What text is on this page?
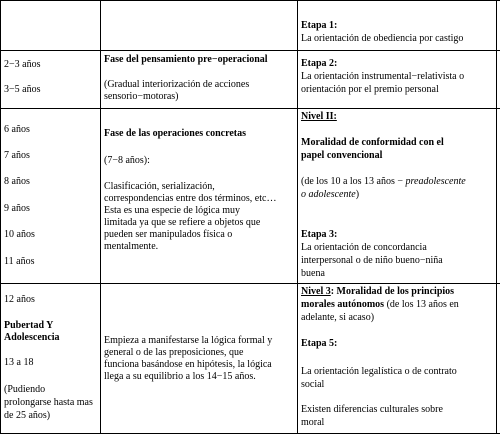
Etapa 1:
La orientación de obediencia por castigo
2−3 años
3−5 años
Fase del pensamiento pre−operacional
(Gradual interiorización de acciones
sensorio−motoras)
Etapa 2:
La orientación instrumental−relativista o
orientación por el premio personal
6 años
7 años
8 años
9 años
10 años
11 años
Fase de las operaciones concretas
(7−8 años):
Clasificación, serialización,
correspondencias entre dos términos, etc…
Esta es una especie de lógica muy
limitada ya que se refiere a objetos que
pueden ser manipulados física o
mentalmente.
Nivel II:
Moralidad de conformidad con el
papel convencional
(de los 10 a los 13 años − preadolescente
o adolescente)
Etapa 3:
La orientación de concordancia
interpersonal o de niño bueno−niña
buena
12 años
Pubertad Y
Adolescencia
13 a 18
(Pudiendo
prolongarse hasta mas
de 25 años)
Empieza a manifestarse la lógica formal y
general o de las preposiciones, que
funciona basándose en hipótesis, la lógica
llega a su equilibrio a los 14−15 años.
Nivel 3: Moralidad de los principios
morales autónomos (de los 13 años en
adelante, si acaso)
Etapa 5:
La orientación legalística o de contrato
social
Existen diferencias culturales sobre
moral
